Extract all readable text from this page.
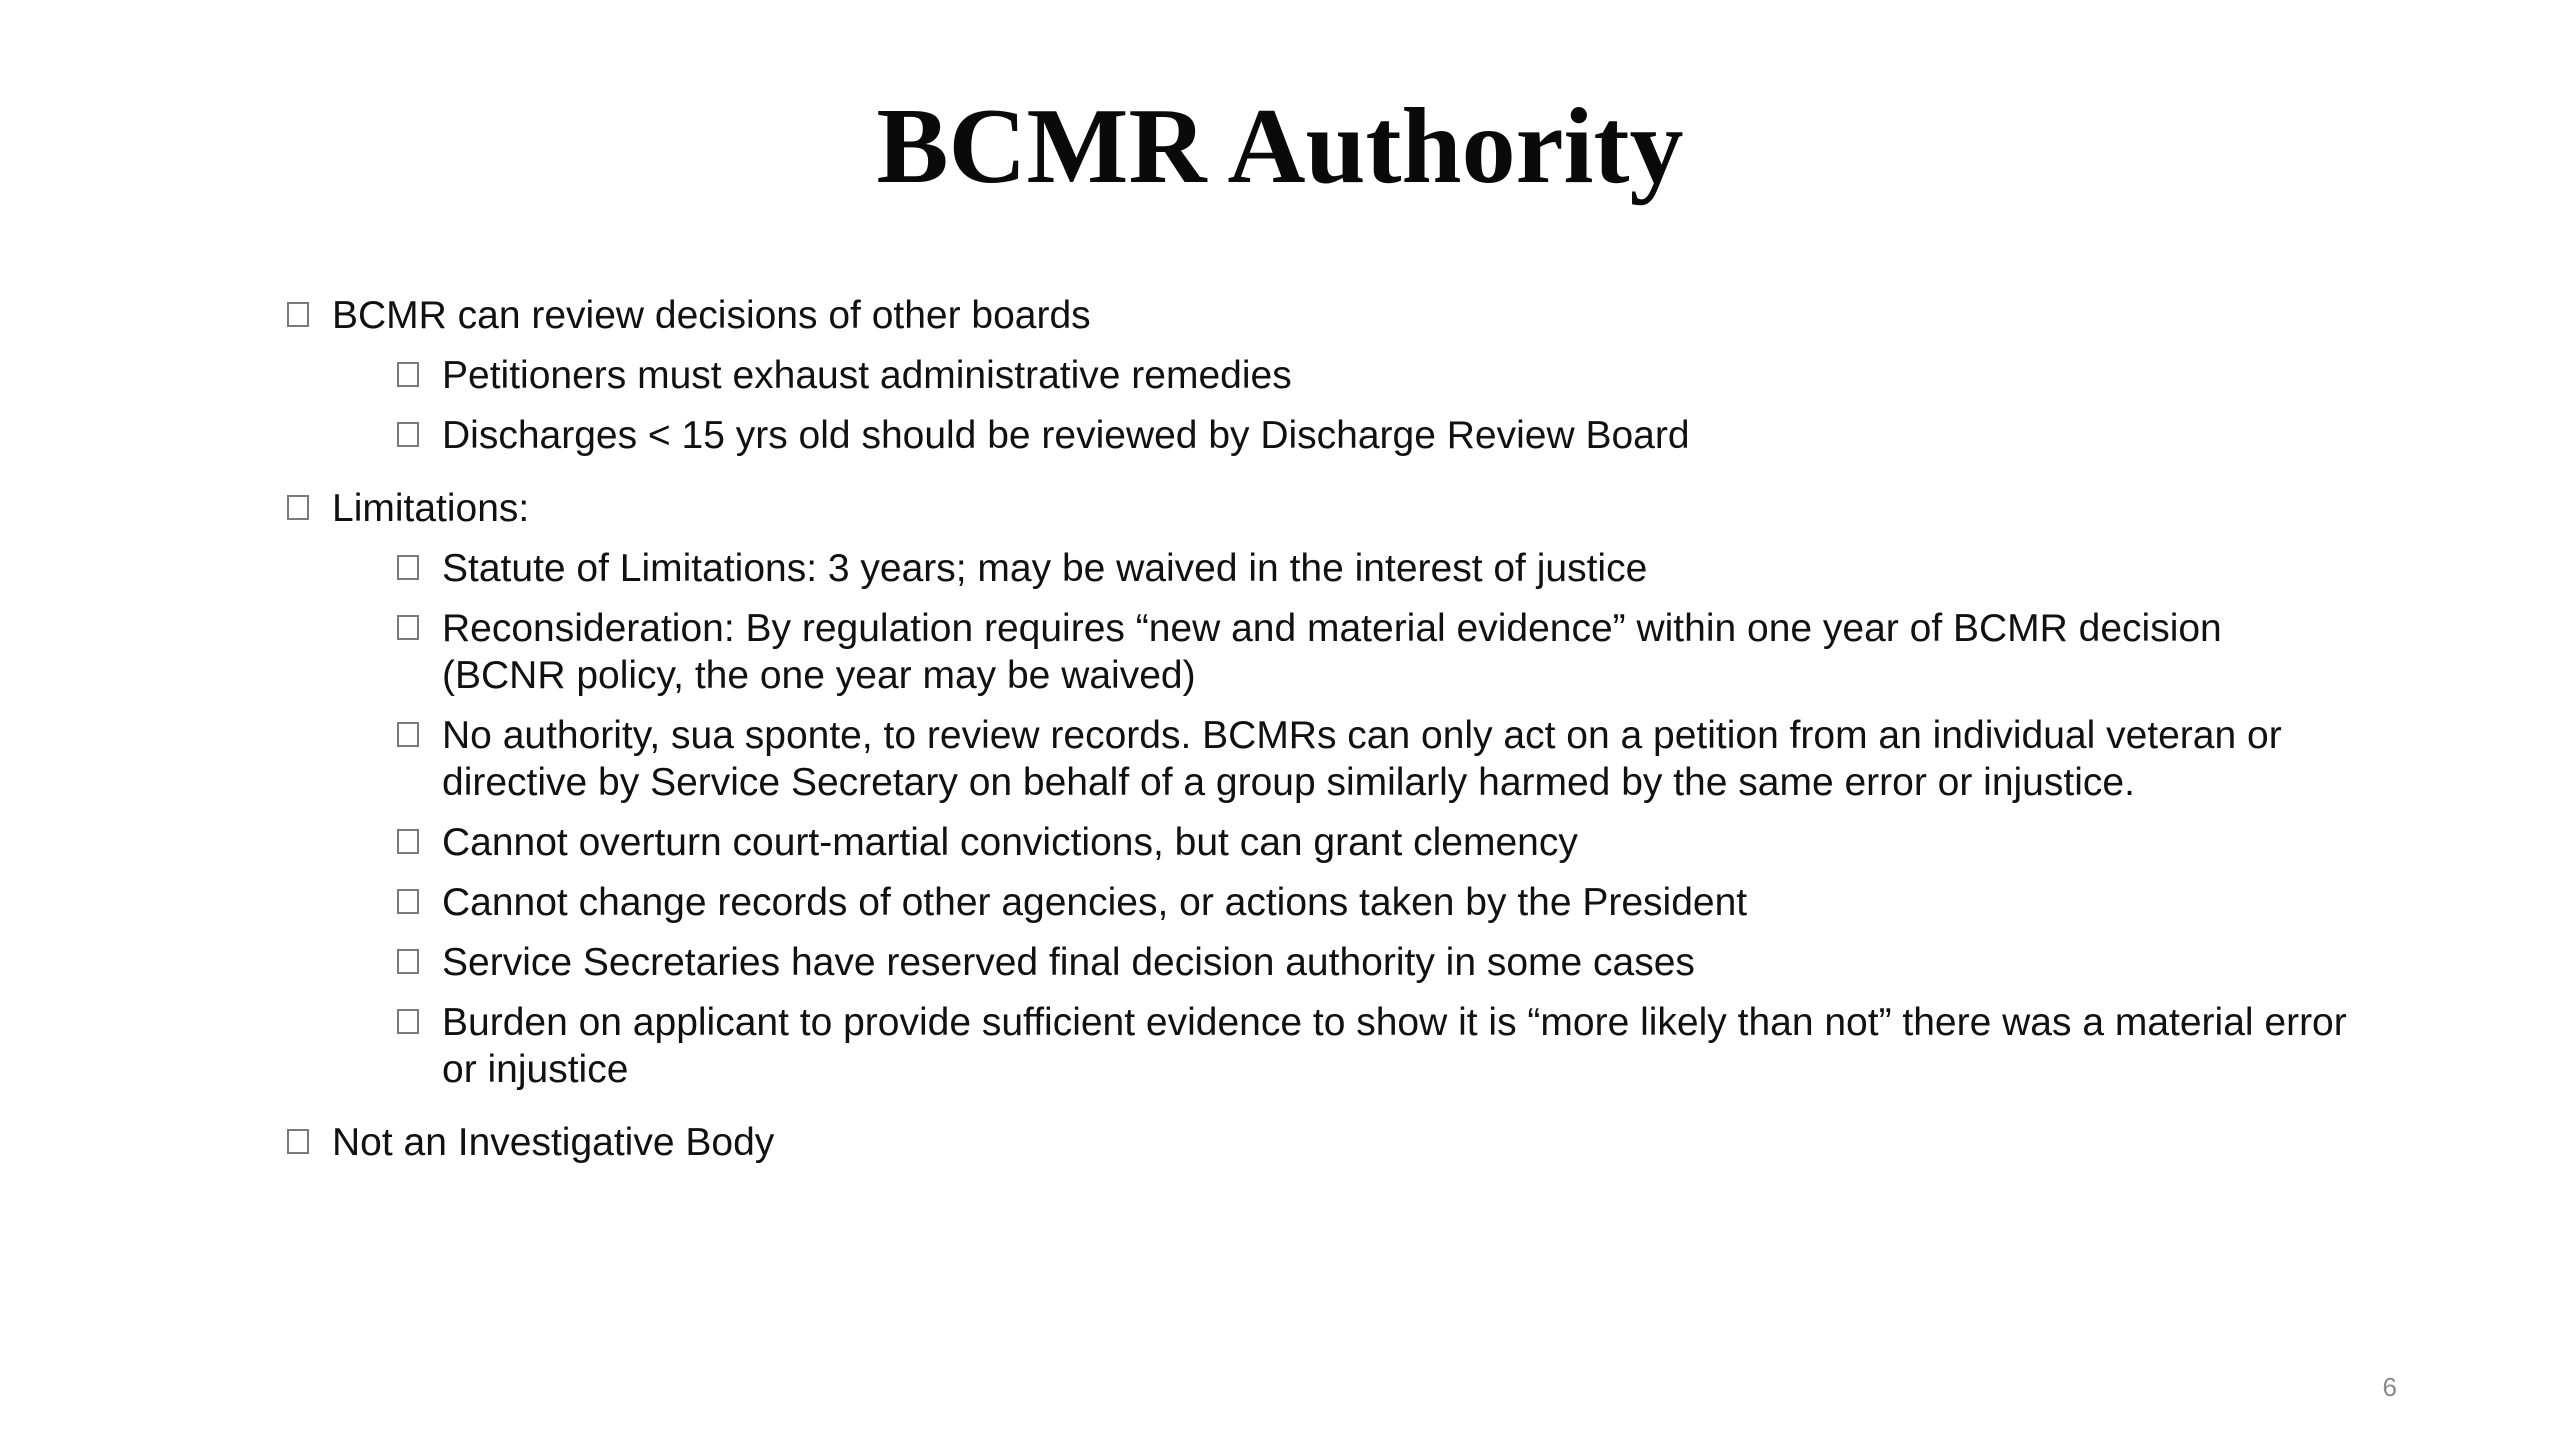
BCMR Authority
BCMR can review decisions of other boards
Petitioners must exhaust administrative remedies
Discharges < 15 yrs old should be reviewed by Discharge Review Board
Limitations:
Statute of Limitations: 3 years; may be waived in the interest of justice
Reconsideration: By regulation requires “new and material evidence” within one year of BCMR decision (BCNR policy, the one year may be waived)
No authority, sua sponte, to review records. BCMRs can only act on a petition from an individual veteran or directive by Service Secretary on behalf of a group similarly harmed by the same error or injustice.
Cannot overturn court-martial convictions, but can grant clemency
Cannot change records of other agencies, or actions taken by the President
Service Secretaries have reserved final decision authority in some cases
Burden on applicant to provide sufficient evidence to show it is “more likely than not” there was a material error or injustice
Not an Investigative Body
6
